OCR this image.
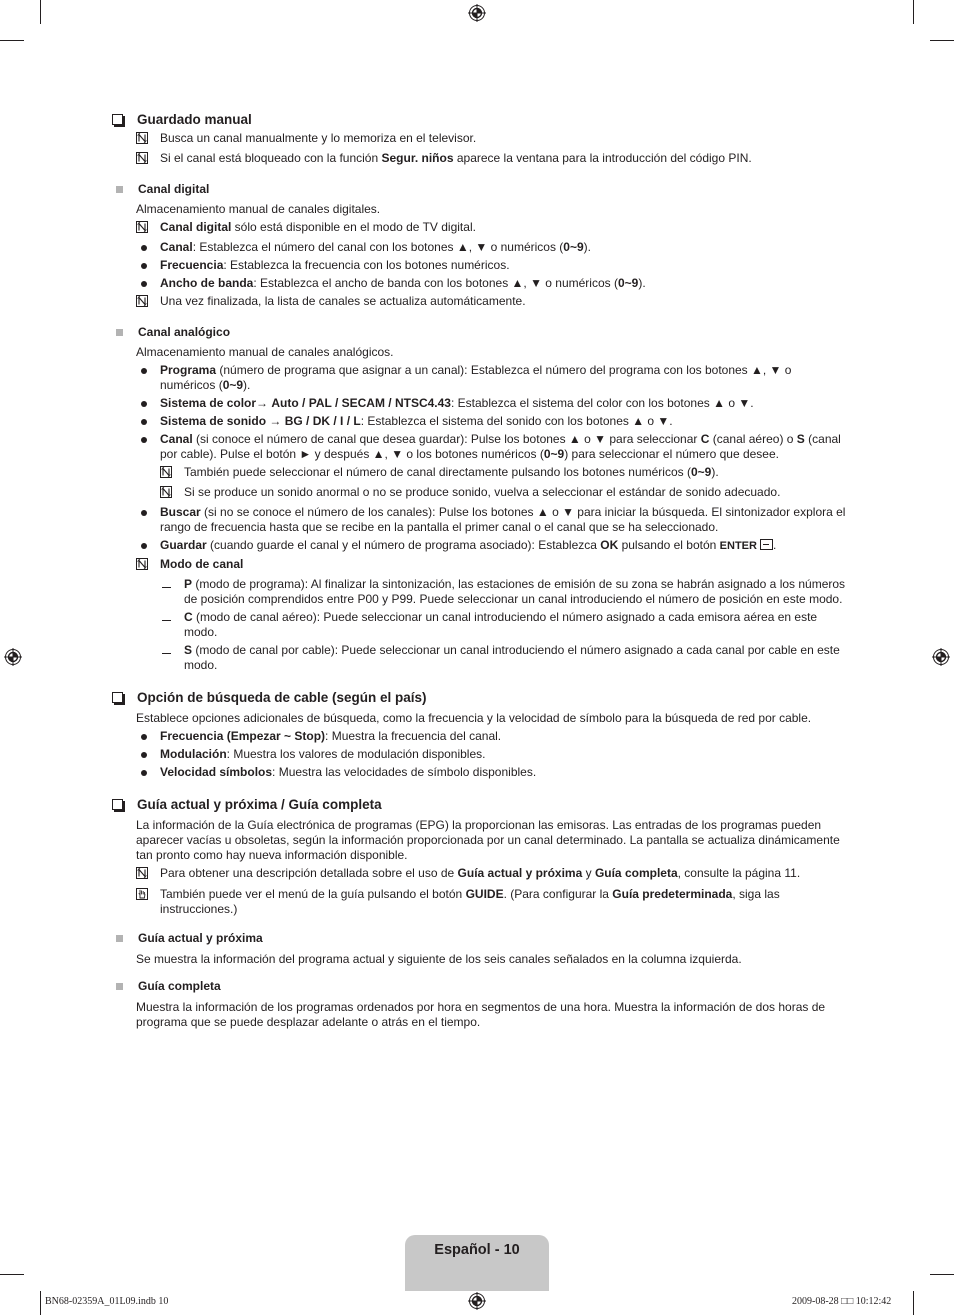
Guardado manual
Busca un canal manualmente y lo memoriza en el televisor.
Si el canal está bloqueado con la función Segur. niños aparece la ventana para la introducción del código PIN.
Canal digital
Almacenamiento manual de canales digitales.
Canal digital sólo está disponible en el modo de TV digital.
Canal: Establezca el número del canal con los botones ▲, ▼ o numéricos (0~9).
Frecuencia: Establezca la frecuencia con los botones numéricos.
Ancho de banda: Establezca el ancho de banda con los botones ▲, ▼ o numéricos (0~9).
Una vez finalizada, la lista de canales se actualiza automáticamente.
Canal analógico
Almacenamiento manual de canales analógicos.
Programa (número de programa que asignar a un canal): Establezca el número del programa con los botones ▲, ▼ o numéricos (0~9).
Sistema de color→ Auto / PAL / SECAM / NTSC4.43: Establezca el sistema del color con los botones ▲ o ▼.
Sistema de sonido → BG / DK / I / L: Establezca el sistema del sonido con los botones ▲ o ▼.
Canal (si conoce el número de canal que desea guardar): Pulse los botones ▲ o ▼ para seleccionar C (canal aéreo) o S (canal por cable). Pulse el botón ► y después ▲, ▼ o los botones numéricos (0~9) para seleccionar el número que desee.
También puede seleccionar el número de canal directamente pulsando los botones numéricos (0~9).
Si se produce un sonido anormal o no se produce sonido, vuelva a seleccionar el estándar de sonido adecuado.
Buscar (si no se conoce el número de los canales): Pulse los botones ▲ o ▼ para iniciar la búsqueda. El sintonizador explora el rango de frecuencia hasta que se recibe en la pantalla el primer canal o el canal que se ha seleccionado.
Guardar (cuando guarde el canal y el número de programa asociado): Establezca OK pulsando el botón ENTER .
Modo de canal
P (modo de programa): Al finalizar la sintonización, las estaciones de emisión de su zona se habrán asignado a los números de posición comprendidos entre P00 y P99. Puede seleccionar un canal introduciendo el número de posición en este modo.
C (modo de canal aéreo): Puede seleccionar un canal introduciendo el número asignado a cada emisora aérea en este modo.
S (modo de canal por cable): Puede seleccionar un canal introduciendo el número asignado a cada canal por cable en este modo.
Opción de búsqueda de cable (según el país)
Establece opciones adicionales de búsqueda, como la frecuencia y la velocidad de símbolo para la búsqueda de red por cable.
Frecuencia (Empezar ~ Stop): Muestra la frecuencia del canal.
Modulación: Muestra los valores de modulación disponibles.
Velocidad símbolos: Muestra las velocidades de símbolo disponibles.
Guía actual y próxima / Guía completa
La información de la Guía electrónica de programas (EPG) la proporcionan las emisoras. Las entradas de los programas pueden aparecer vacías u obsoletas, según la información proporcionada por un canal determinado. La pantalla se actualiza dinámicamente tan pronto como hay nueva información disponible.
Para obtener una descripción detallada sobre el uso de Guía actual y próxima y Guía completa, consulte la página 11.
También puede ver el menú de la guía pulsando el botón GUIDE. (Para configurar la Guía predeterminada, siga las instrucciones.)
Guía actual y próxima
Se muestra la información del programa actual y siguiente de los seis canales señalados en la columna izquierda.
Guía completa
Muestra la información de los programas ordenados por hora en segmentos de una hora. Muestra la información de dos horas de programa que se puede desplazar adelante o atrás en el tiempo.
Español - 10
BN68-02359A_01L09.indb 10	2009-08-28 □□ 10:12:42
